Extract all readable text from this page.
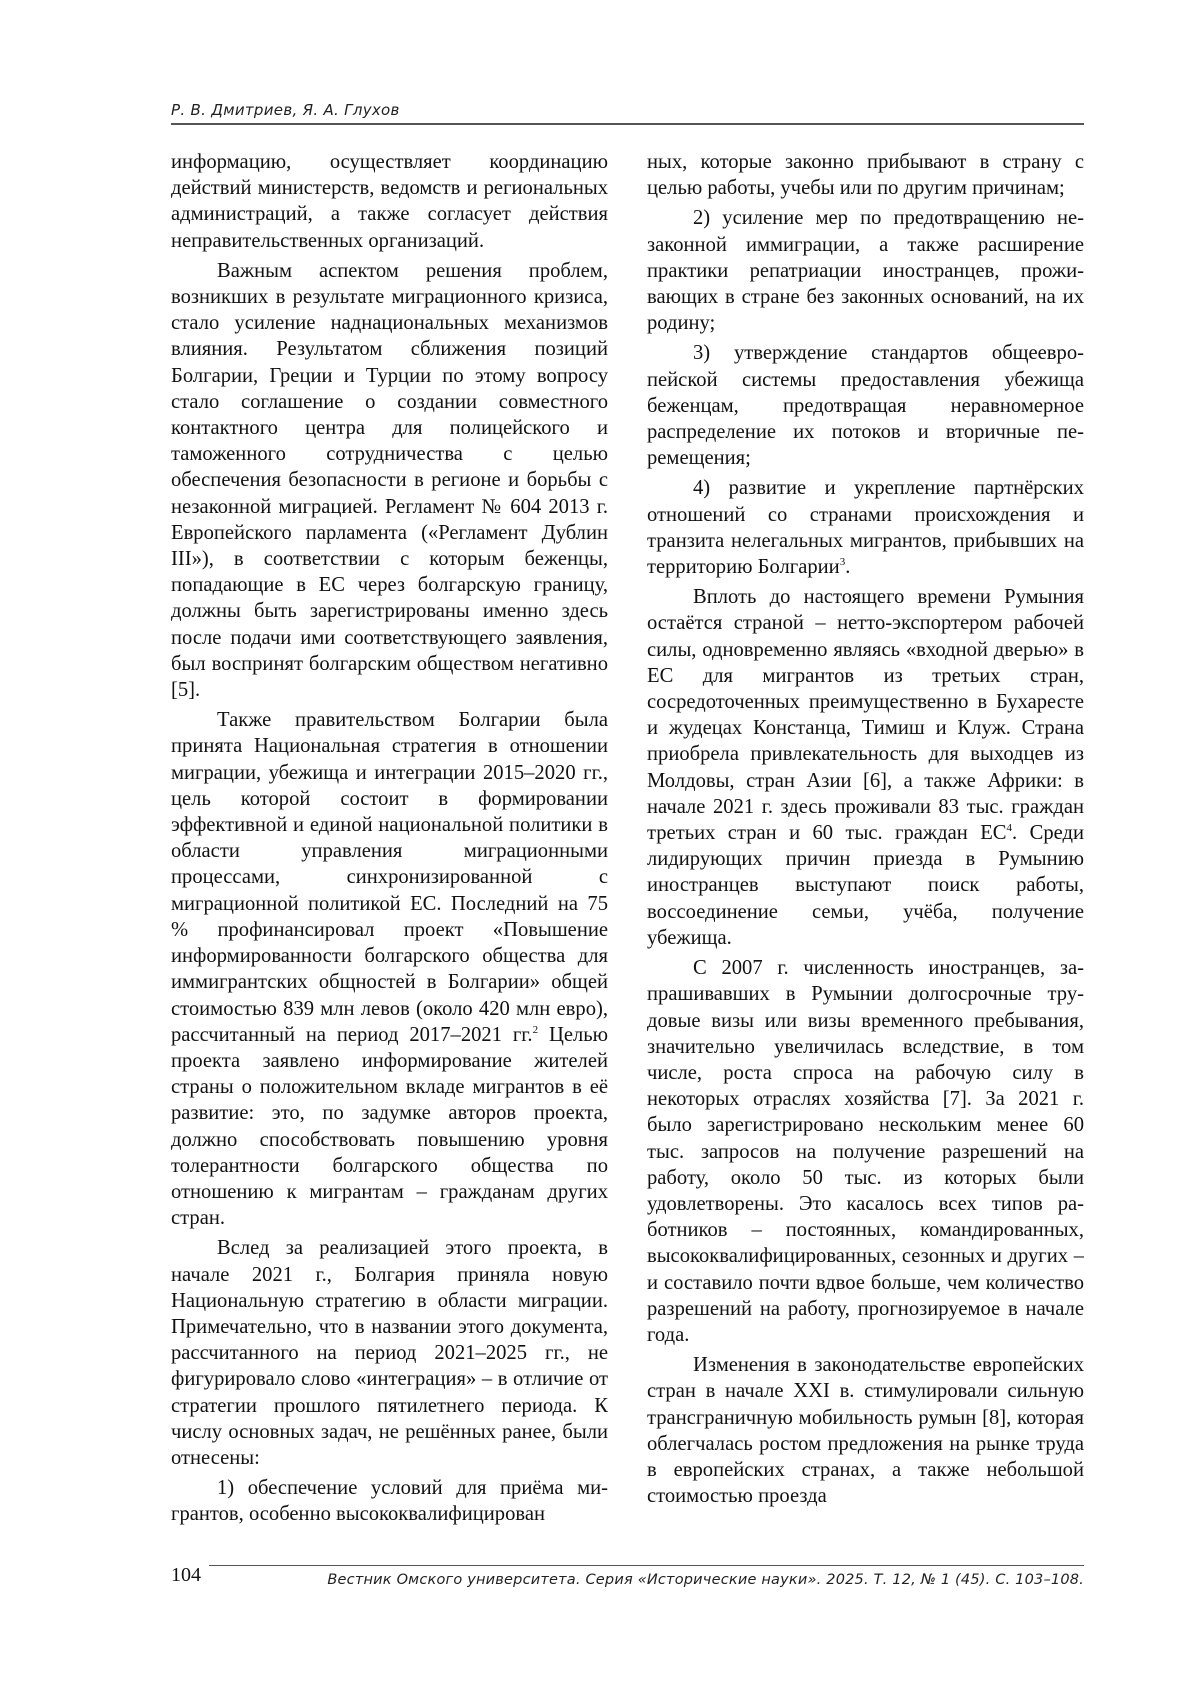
Р. В. Дмитриев, Я. А. Глухов

информацию, осуществляет координацию действий министерств, ведомств и региональных администраций, а также согласует действия неправительственных организаций.

Важным аспектом решения проблем, возникших в результате миграционного кризиса, стало усиление наднациональных механизмов влияния. Результатом сближения позиций Болгарии, Греции и Турции по этому вопросу стало соглашение о создании совместного контактного центра для полицейского и таможенного сотрудничества с целью обеспечения безопасности в регионе и борьбы с незаконной миграцией. Регламент № 604 2013 г. Европейского парламента («Регламент Дублин III»), в соответствии с которым беженцы, попадающие в ЕС через болгарскую границу, должны быть зарегистрированы именно здесь после подачи ими соответствующего заявления, был воспринят болгарским обществом негативно [5].

Также правительством Болгарии была принята Национальная стратегия в отношении миграции, убежища и интеграции 2015–2020 гг., цель которой состоит в формировании эффективной и единой национальной политики в области управления миграционными процессами, синхронизированной с миграционной политикой ЕС. Последний на 75 % профинансировал проект «Повышение информированности болгарского общества для иммигрантских общностей в Болгарии» общей стоимостью 839 млн левов (около 420 млн евро), рассчитанный на период 2017–2021 гг.$^2$ Целью проекта заявлено информирование жителей страны о положительном вкладе мигрантов в её развитие: это, по задумке авторов проекта, должно способствовать повышению уровня толерантности болгарского общества по отношению к мигрантам – гражданам других стран.

Вслед за реализацией этого проекта, в начале 2021 г., Болгария приняла новую Национальную стратегию в области миграции. Примечательно, что в названии этого документа, рассчитанного на период 2021–2025 гг., не фигурировало слово «интеграция» – в отличие от стратегии прошлого пятилетнего периода. К числу основных задач, не решённых ранее, были отнесены:

1) обеспечение условий для приёма мигрантов, особенно высококвалифицирован

ных, которые законно прибывают в страну с целью работы, учебы или по другим причинам;

2) усиление мер по предотвращению незаконной иммиграции, а также расширение практики репатриации иностранцев, проживающих в стране без законных оснований, на их родину;

3) утверждение стандартов общеевропейской системы предоставления убежища беженцам, предотвращая неравномерное распределение их потоков и вторичные перемещения;

4) развитие и укрепление партнёрских отношений со странами происхождения и транзита нелегальных мигрантов, прибывших на территорию Болгарии$^3$.

Вплоть до настоящего времени Румыния остаётся страной – нетто-экспортером рабочей силы, одновременно являясь «входной дверью» в ЕС для мигрантов из третьих стран, сосредоточенных преимущественно в Бухаресте и жудецах Констанца, Тимиш и Клуж. Страна приобрела привлекательность для выходцев из Молдовы, стран Азии [6], а также Африки: в начале 2021 г. здесь проживали 83 тыс. граждан третьих стран и 60 тыс. граждан $ЕС^4$. Среди лидирующих причин приезда в Румынию иностранцев выступают поиск работы, воссоединение семьи, учёба, получение убежища.

С 2007 г. численность иностранцев, запрашивавших в Румынии долгосрочные трудовые визы или визы временного пребывания, значительно увеличилась вследствие, в том числе, роста спроса на рабочую силу в некоторых отраслях хозяйства [7]. За 2021 г. было зарегистрировано нескольким менее 60 тыс. запросов на получение разрешений на работу, около 50 тыс. из которых были удовлетворены. Это касалось всех типов работников – постоянных, командированных, высококвалифицированных, сезонных и других – и составило почти вдвое больше, чем количество разрешений на работу, прогнозируемое в начале года.

Изменения в законодательстве европейских стран в начале XXI в. стимулировали сильную трансграничную мобильность румын [8], которая облегчалась ростом предложения на рынке труда в европейских странах, а также небольшой стоимостью проезда

104	Вестник Омского университета. Серия «Исторические науки». 2025. Т. 12, № 1 (45). С. 103–108.
